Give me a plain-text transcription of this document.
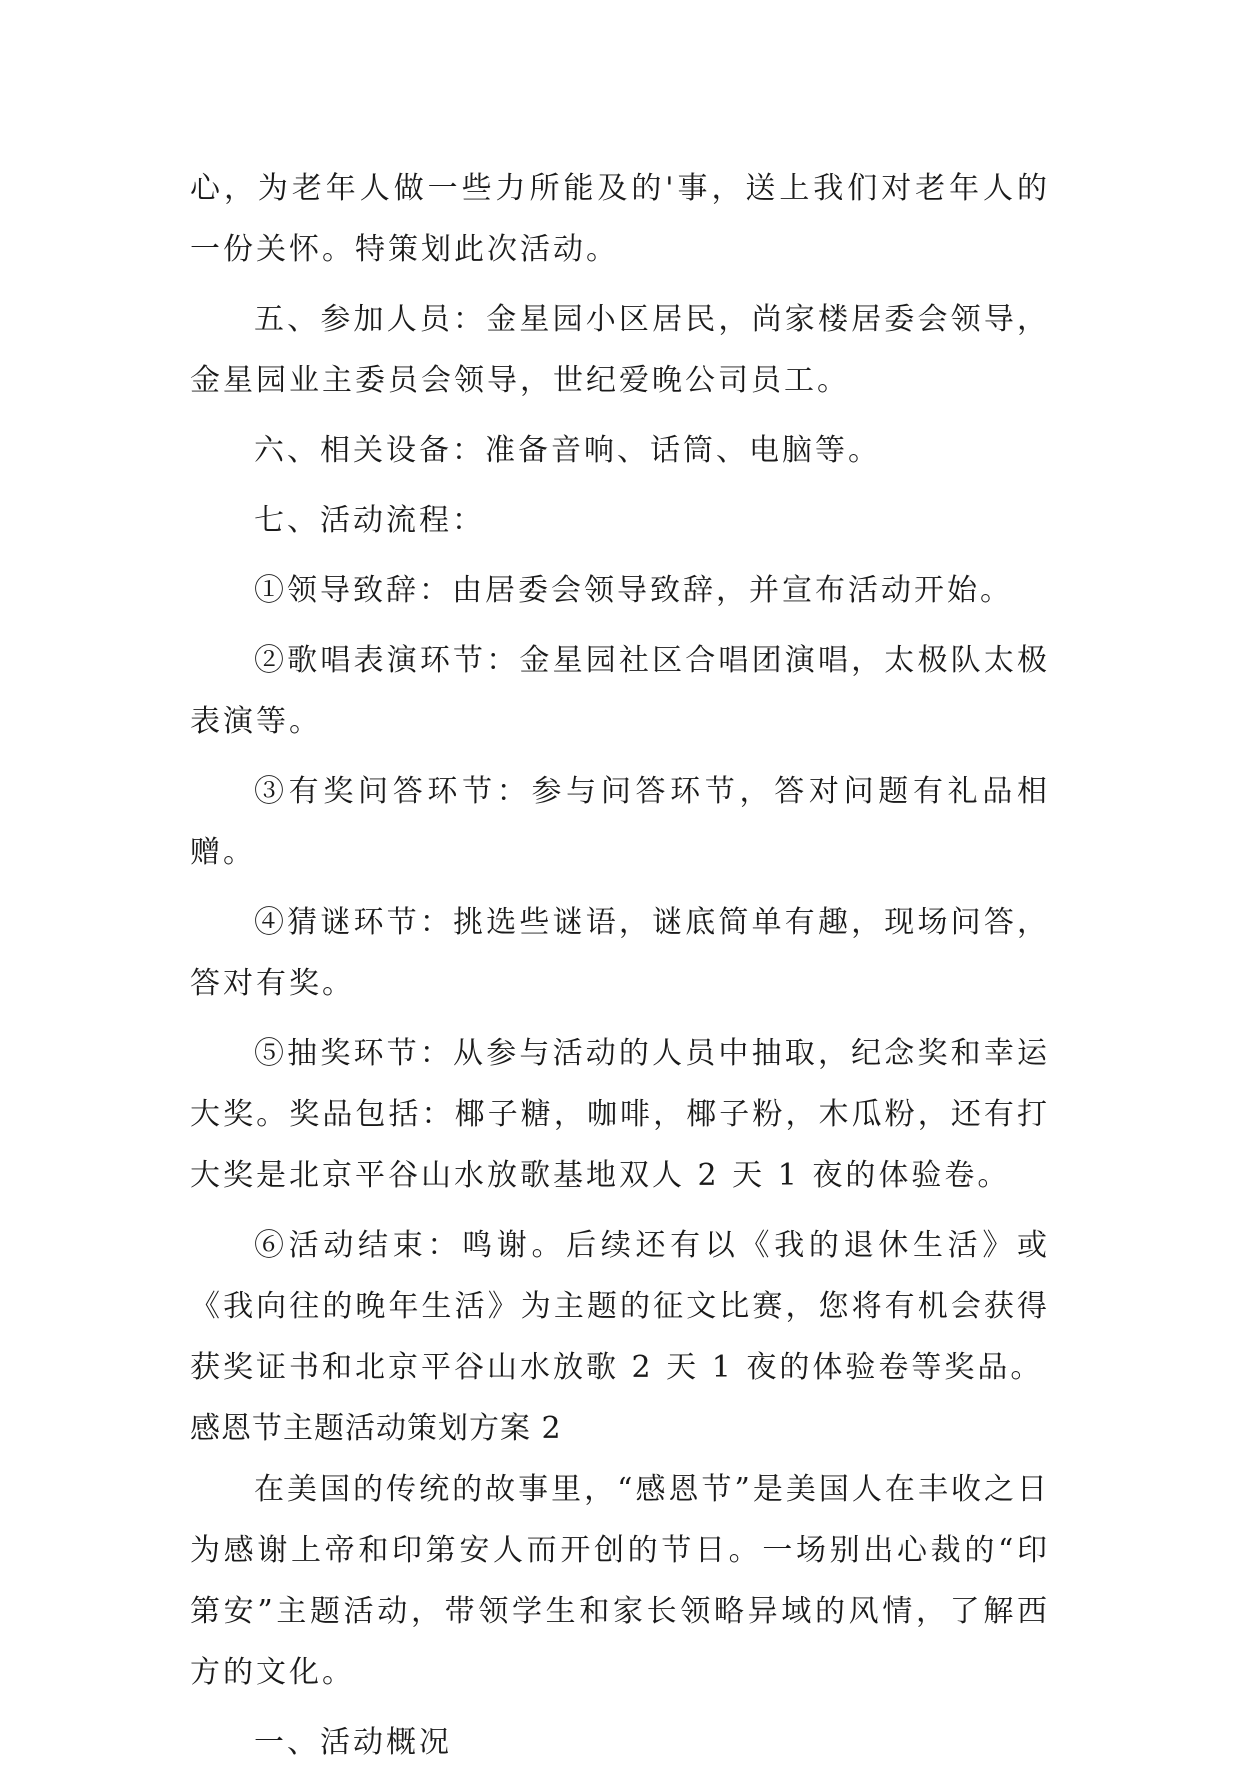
心，为老年人做一些力所能及的'事，送上我们对老年人的一份关怀。特策划此次活动。

五、参加人员：金星园小区居民，尚家楼居委会领导，金星园业主委员会领导，世纪爱晚公司员工。

六、相关设备：准备音响、话筒、电脑等。

七、活动流程：

①领导致辞：由居委会领导致辞，并宣布活动开始。

②歌唱表演环节：金星园社区合唱团演唱，太极队太极表演等。

③有奖问答环节：参与问答环节，答对问题有礼品相赠。

④猜谜环节：挑选些谜语，谜底简单有趣，现场问答，答对有奖。

⑤抽奖环节：从参与活动的人员中抽取，纪念奖和幸运大奖。奖品包括：椰子糖，咖啡，椰子粉，木瓜粉，还有打大奖是北京平谷山水放歌基地双人 2 天 1 夜的体验卷。

⑥活动结束：鸣谢。后续还有以《我的退休生活》或《我向往的晚年生活》为主题的征文比赛，您将有机会获得获奖证书和北京平谷山水放歌 2 天 1 夜的体验卷等奖品。

感恩节主题活动策划方案 2

在美国的传统的故事里，“感恩节”是美国人在丰收之日为感谢上帝和印第安人而开创的节日。一场别出心裁的“印第安”主题活动，带领学生和家长领略异域的风情，了解西方的文化。

一、活动概况
